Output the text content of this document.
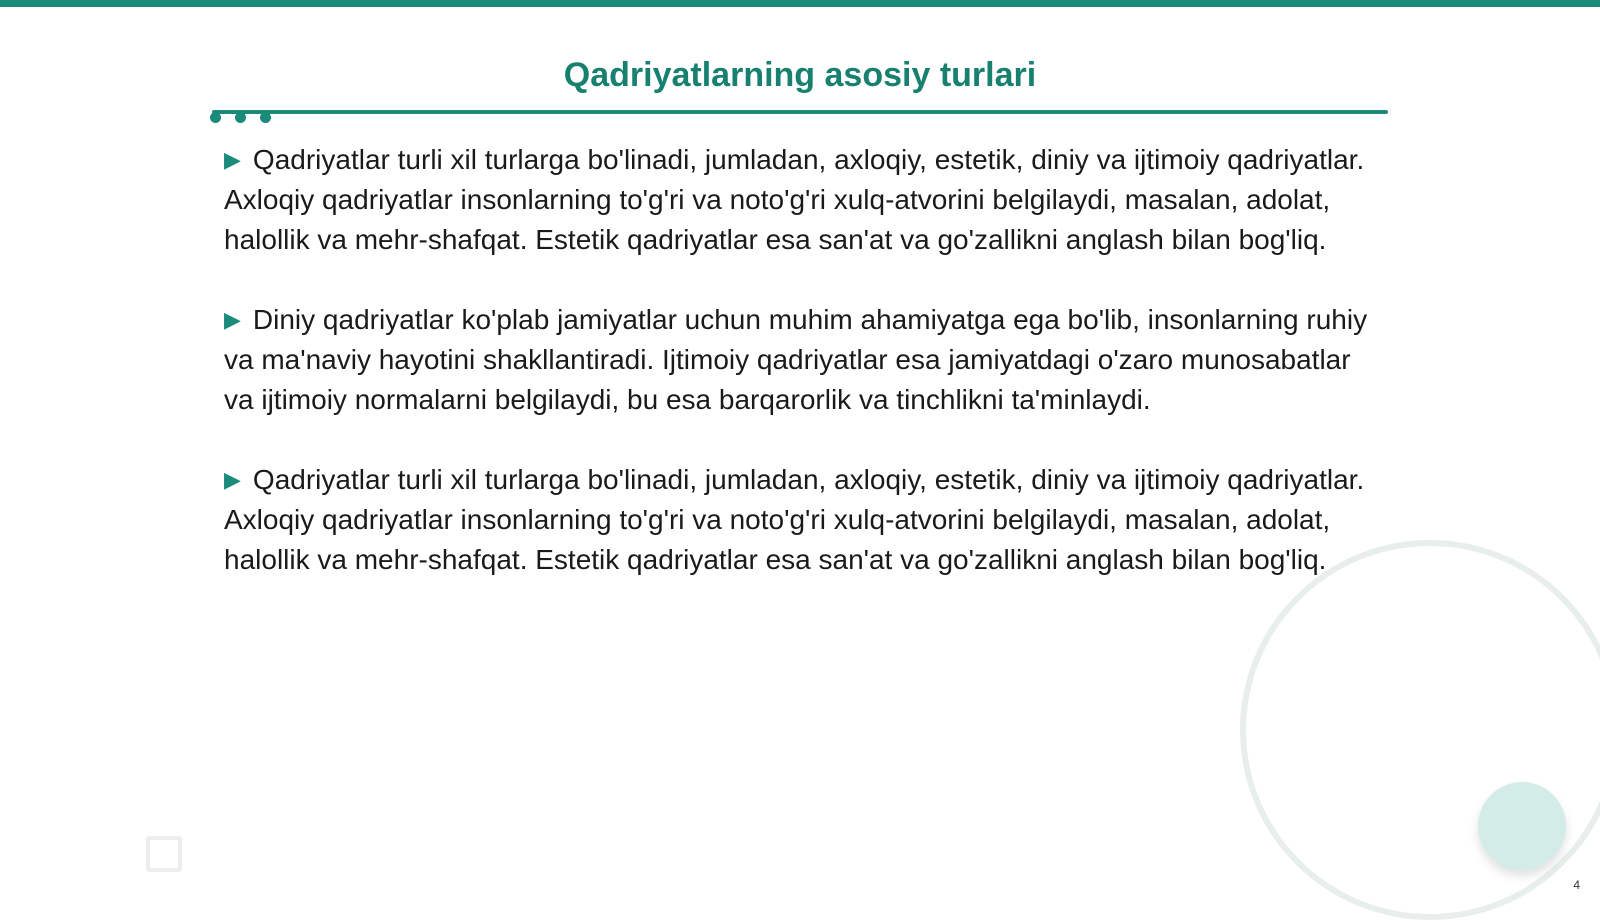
Qadriyatlarning asosiy turlari

▶ Qadriyatlar turli xil turlarga bo'linadi, jumladan, axloqiy, estetik, diniy va ijtimoiy qadriyatlar. Axloqiy qadriyatlar insonlarning to'g'ri va noto'g'ri xulq-atvorini belgilaydi, masalan, adolat, halollik va mehr-shafqat. Estetik qadriyatlar esa san'at va go'zallikni anglash bilan bog'liq.

▶ Diniy qadriyatlar ko'plab jamiyatlar uchun muhim ahamiyatga ega bo'lib, insonlarning ruhiy va ma'naviy hayotini shakllantiradi. Ijtimoiy qadriyatlar esa jamiyatdagi o'zaro munosabatlar va ijtimoiy normalarni belgilaydi, bu esa barqarorlik va tinchlikni ta'minlaydi.

▶ Qadriyatlar turli xil turlarga bo'linadi, jumladan, axloqiy, estetik, diniy va ijtimoiy qadriyatlar. Axloqiy qadriyatlar insonlarning to'g'ri va noto'g'ri xulq-atvorini belgilaydi, masalan, adolat, halollik va mehr-shafqat. Estetik qadriyatlar esa san'at va go'zallikni anglash bilan bog'liq.

4
